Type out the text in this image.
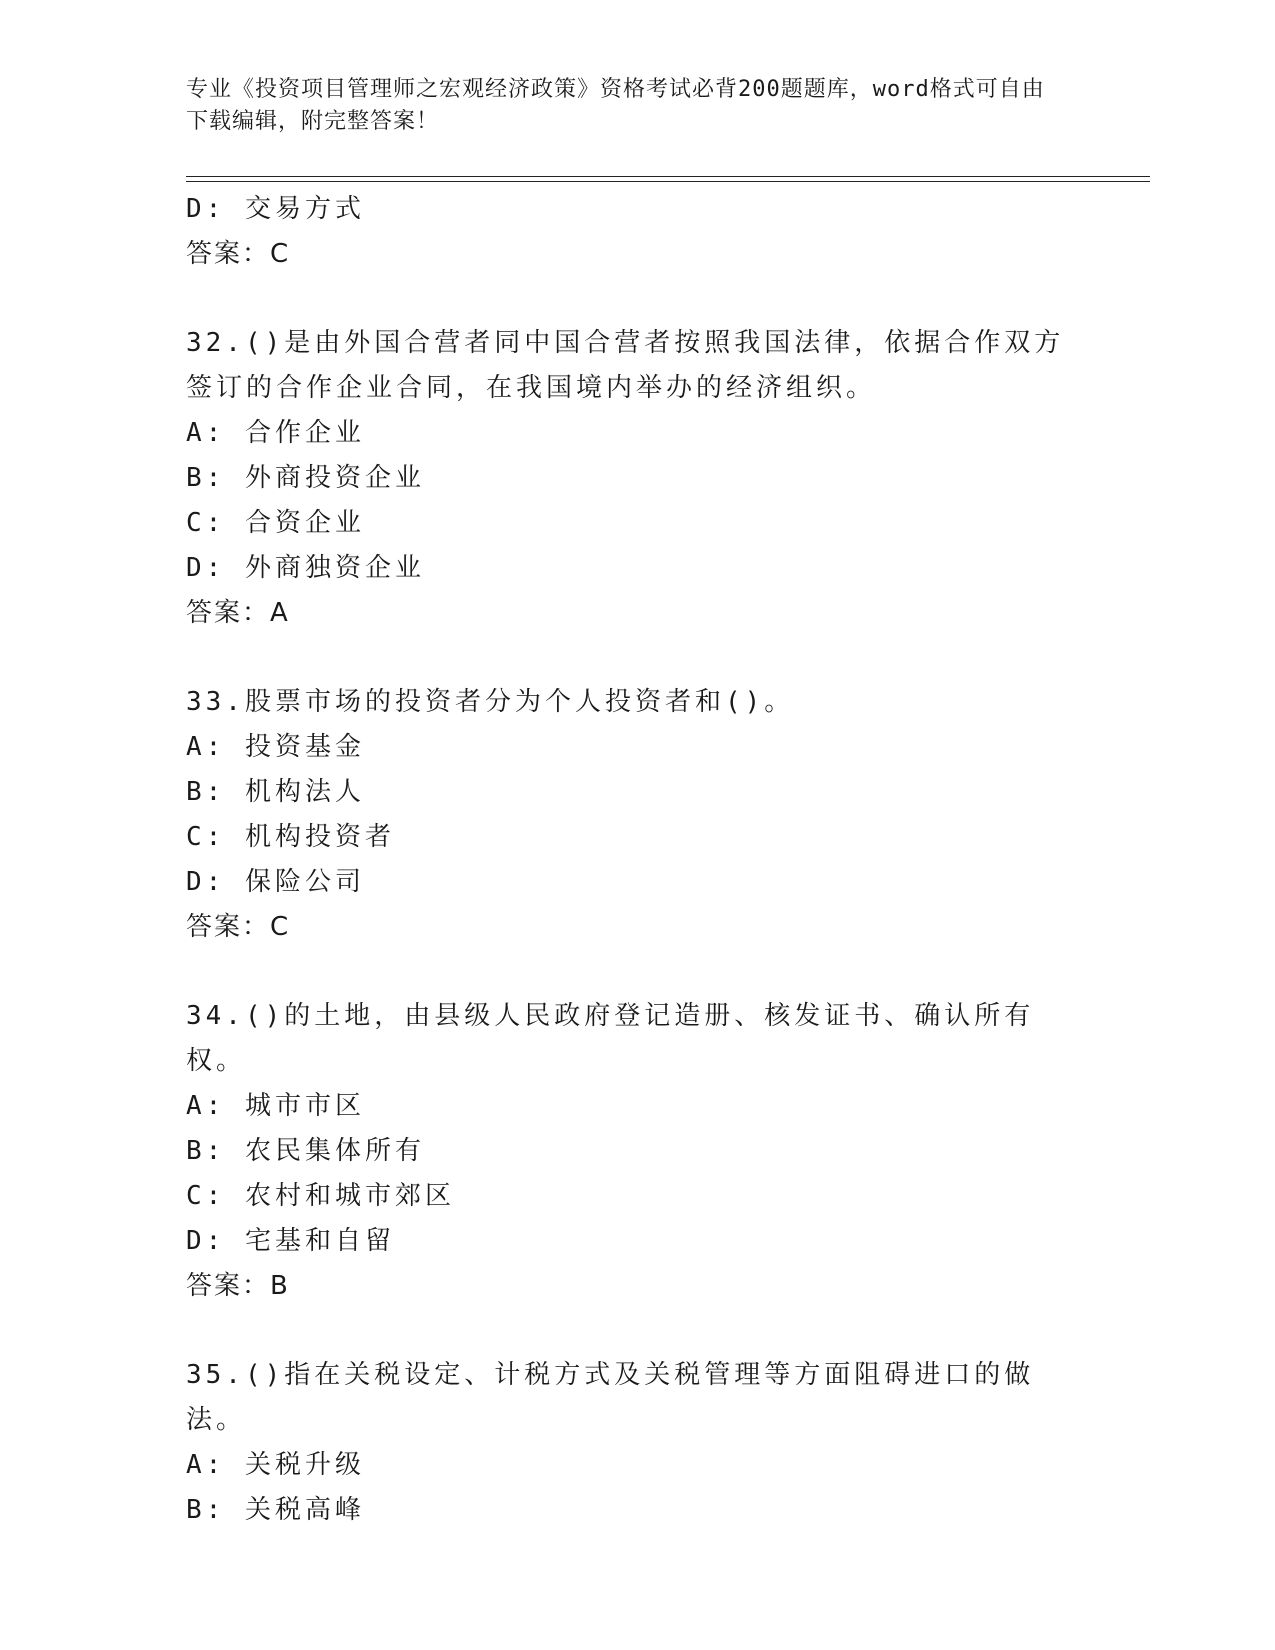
专业《投资项目管理师之宏观经济政策》资格考试必背200题题库，word格式可自由下载编辑，附完整答案！
D: 交易方式
答案：C
32.()是由外国合营者同中国合营者按照我国法律，依据合作双方签订的合作企业合同，在我国境内举办的经济组织。
A: 合作企业
B: 外商投资企业
C: 合资企业
D: 外商独资企业
答案：A
33.股票市场的投资者分为个人投资者和()。
A: 投资基金
B: 机构法人
C: 机构投资者
D: 保险公司
答案：C
34.()的土地，由县级人民政府登记造册、核发证书、确认所有权。
A: 城市市区
B: 农民集体所有
C: 农村和城市郊区
D: 宅基和自留
答案：B
35.()指在关税设定、计税方式及关税管理等方面阻碍进口的做法。
A: 关税升级
B: 关税高峰
